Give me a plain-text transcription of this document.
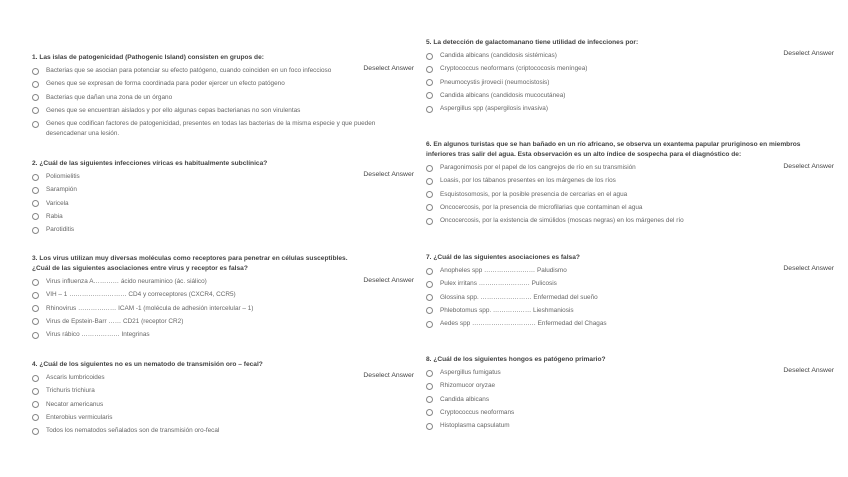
1. Las islas de patogenicidad (Pathogenic Island) consisten en grupos de:
Deselect Answer
Bacterias que se asocian para potenciar su efecto patógeno, cuando coinciden en un foco infeccioso
Genes que se expresan de forma coordinada para poder ejercer un efecto patógeno
Bacterias que dañan una zona de un órgano
Genes que se encuentran aislados y por ello algunas cepas bacterianas no son virulentas
Genes que codifican factores de patogenicidad, presentes en todas las bacterias de la misma especie y que pueden desencadenar una lesión.
2. ¿Cuál de las siguientes infecciones víricas es habitualmente subclínica?
Deselect Answer
Poliomielitis
Sarampión
Varicela
Rabia
Parotiditis
3. Los virus utilizan muy diversas moléculas como receptores para penetrar en células susceptibles. ¿Cuál de las siguientes asociaciones entre virus y receptor es falsa?
Deselect Answer
Virus influenza A………… ácido neuraminico (ác. siálico)
VIH – 1 ……………………… CD4 y correceptores (CXCR4, CCR5)
Rhinovirus ……………… ICAM -1 (molécula de adhesión intercelular – 1)
Virus de Epstein-Barr …… CD21 (receptor CR2)
Virus rábico ……………… Integrinas
4. ¿Cuál de los siguientes no es un nematodo de transmisión oro – fecal?
Deselect Answer
Ascaris lumbricoides
Trichuris trichiura
Necator americanus
Enterobius vermicularis
Todos los nematodos señalados son de transmisión oro-fecal
5. La detección de galactomanano tiene utilidad de infecciones por:
Deselect Answer
Candida albicans (candidosis sistémicas)
Cryptococcus neoformans (criptococosis meníngea)
Pneumocystis jirovecii (neumocistosis)
Candida albicans (candidosis mucocutánea)
Aspergillus spp (aspergilosis invasiva)
6. En algunos turistas que se han bañado en un río africano, se observa un exantema papular pruriginoso en miembros inferiores tras salir del agua. Esta observación es un alto índice de sospecha para el diagnóstico de:
Deselect Answer
Paragonimosis por el papel de los cangrejos de río en su transmisión
Loasis, por los tábanos presentes en los márgenes de los ríos
Esquistosomosis, por la posible presencia de cercarias en el agua
Oncocercosis, por la presencia de microfilarias que contaminan el agua
Oncocercosis, por la existencia de simúlidos (moscas negras) en los márgenes del río
7. ¿Cuál de las siguientes asociaciones es falsa?
Deselect Answer
Anopheles spp …………………… Paludismo
Pulex irritans …………………… Pulicosis
Glossina spp. …………………… Enfermedad del sueño
Phlebotomus spp. ……………… Lieshmaniosis
Aedes spp ………………………… Enfermedad del Chagas
8. ¿Cuál de los siguientes hongos es patógeno primario?
Deselect Answer
Aspergillus fumigatus
Rhizomucor oryzae
Candida albicans
Cryptococcus neoformans
Histoplasma capsulatum
